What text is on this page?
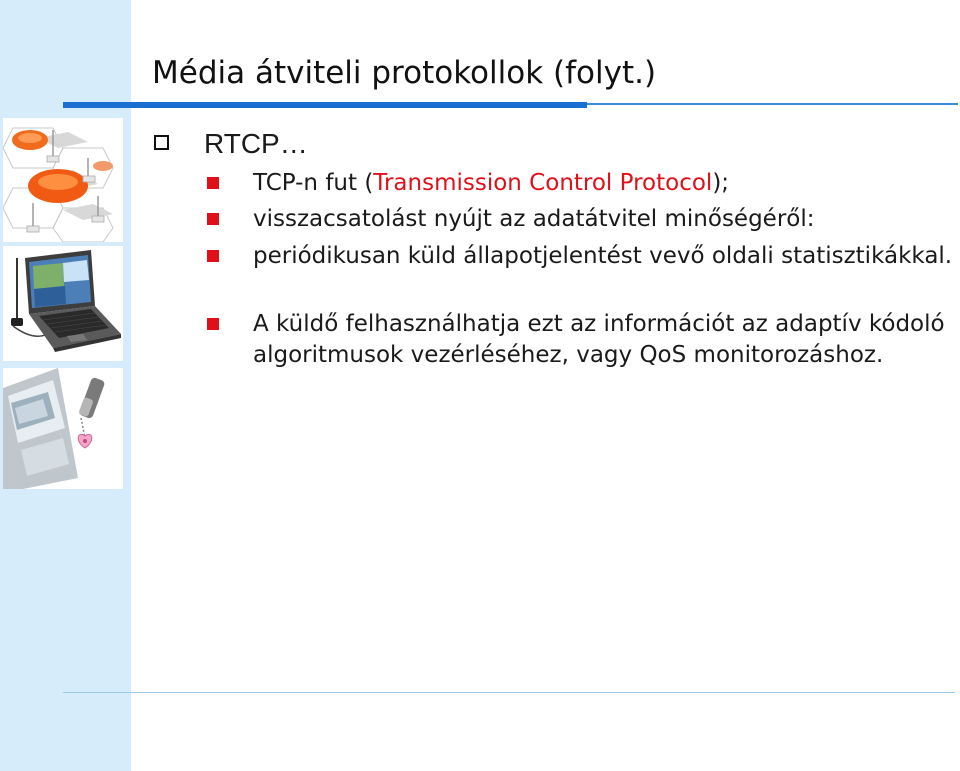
Média átviteli protokollok (folyt.)
RTCP…
TCP-n fut (Transmission Control Protocol);
visszacsatolást nyújt az adatátvitel minőségéről:
periódikusan küld állapotjelentést vevő oldali statisztikákkal.
A küldő felhasználhatja ezt az információt az adaptív kódoló algoritmusok vezérléséhez, vagy QoS monitorozáshoz.
